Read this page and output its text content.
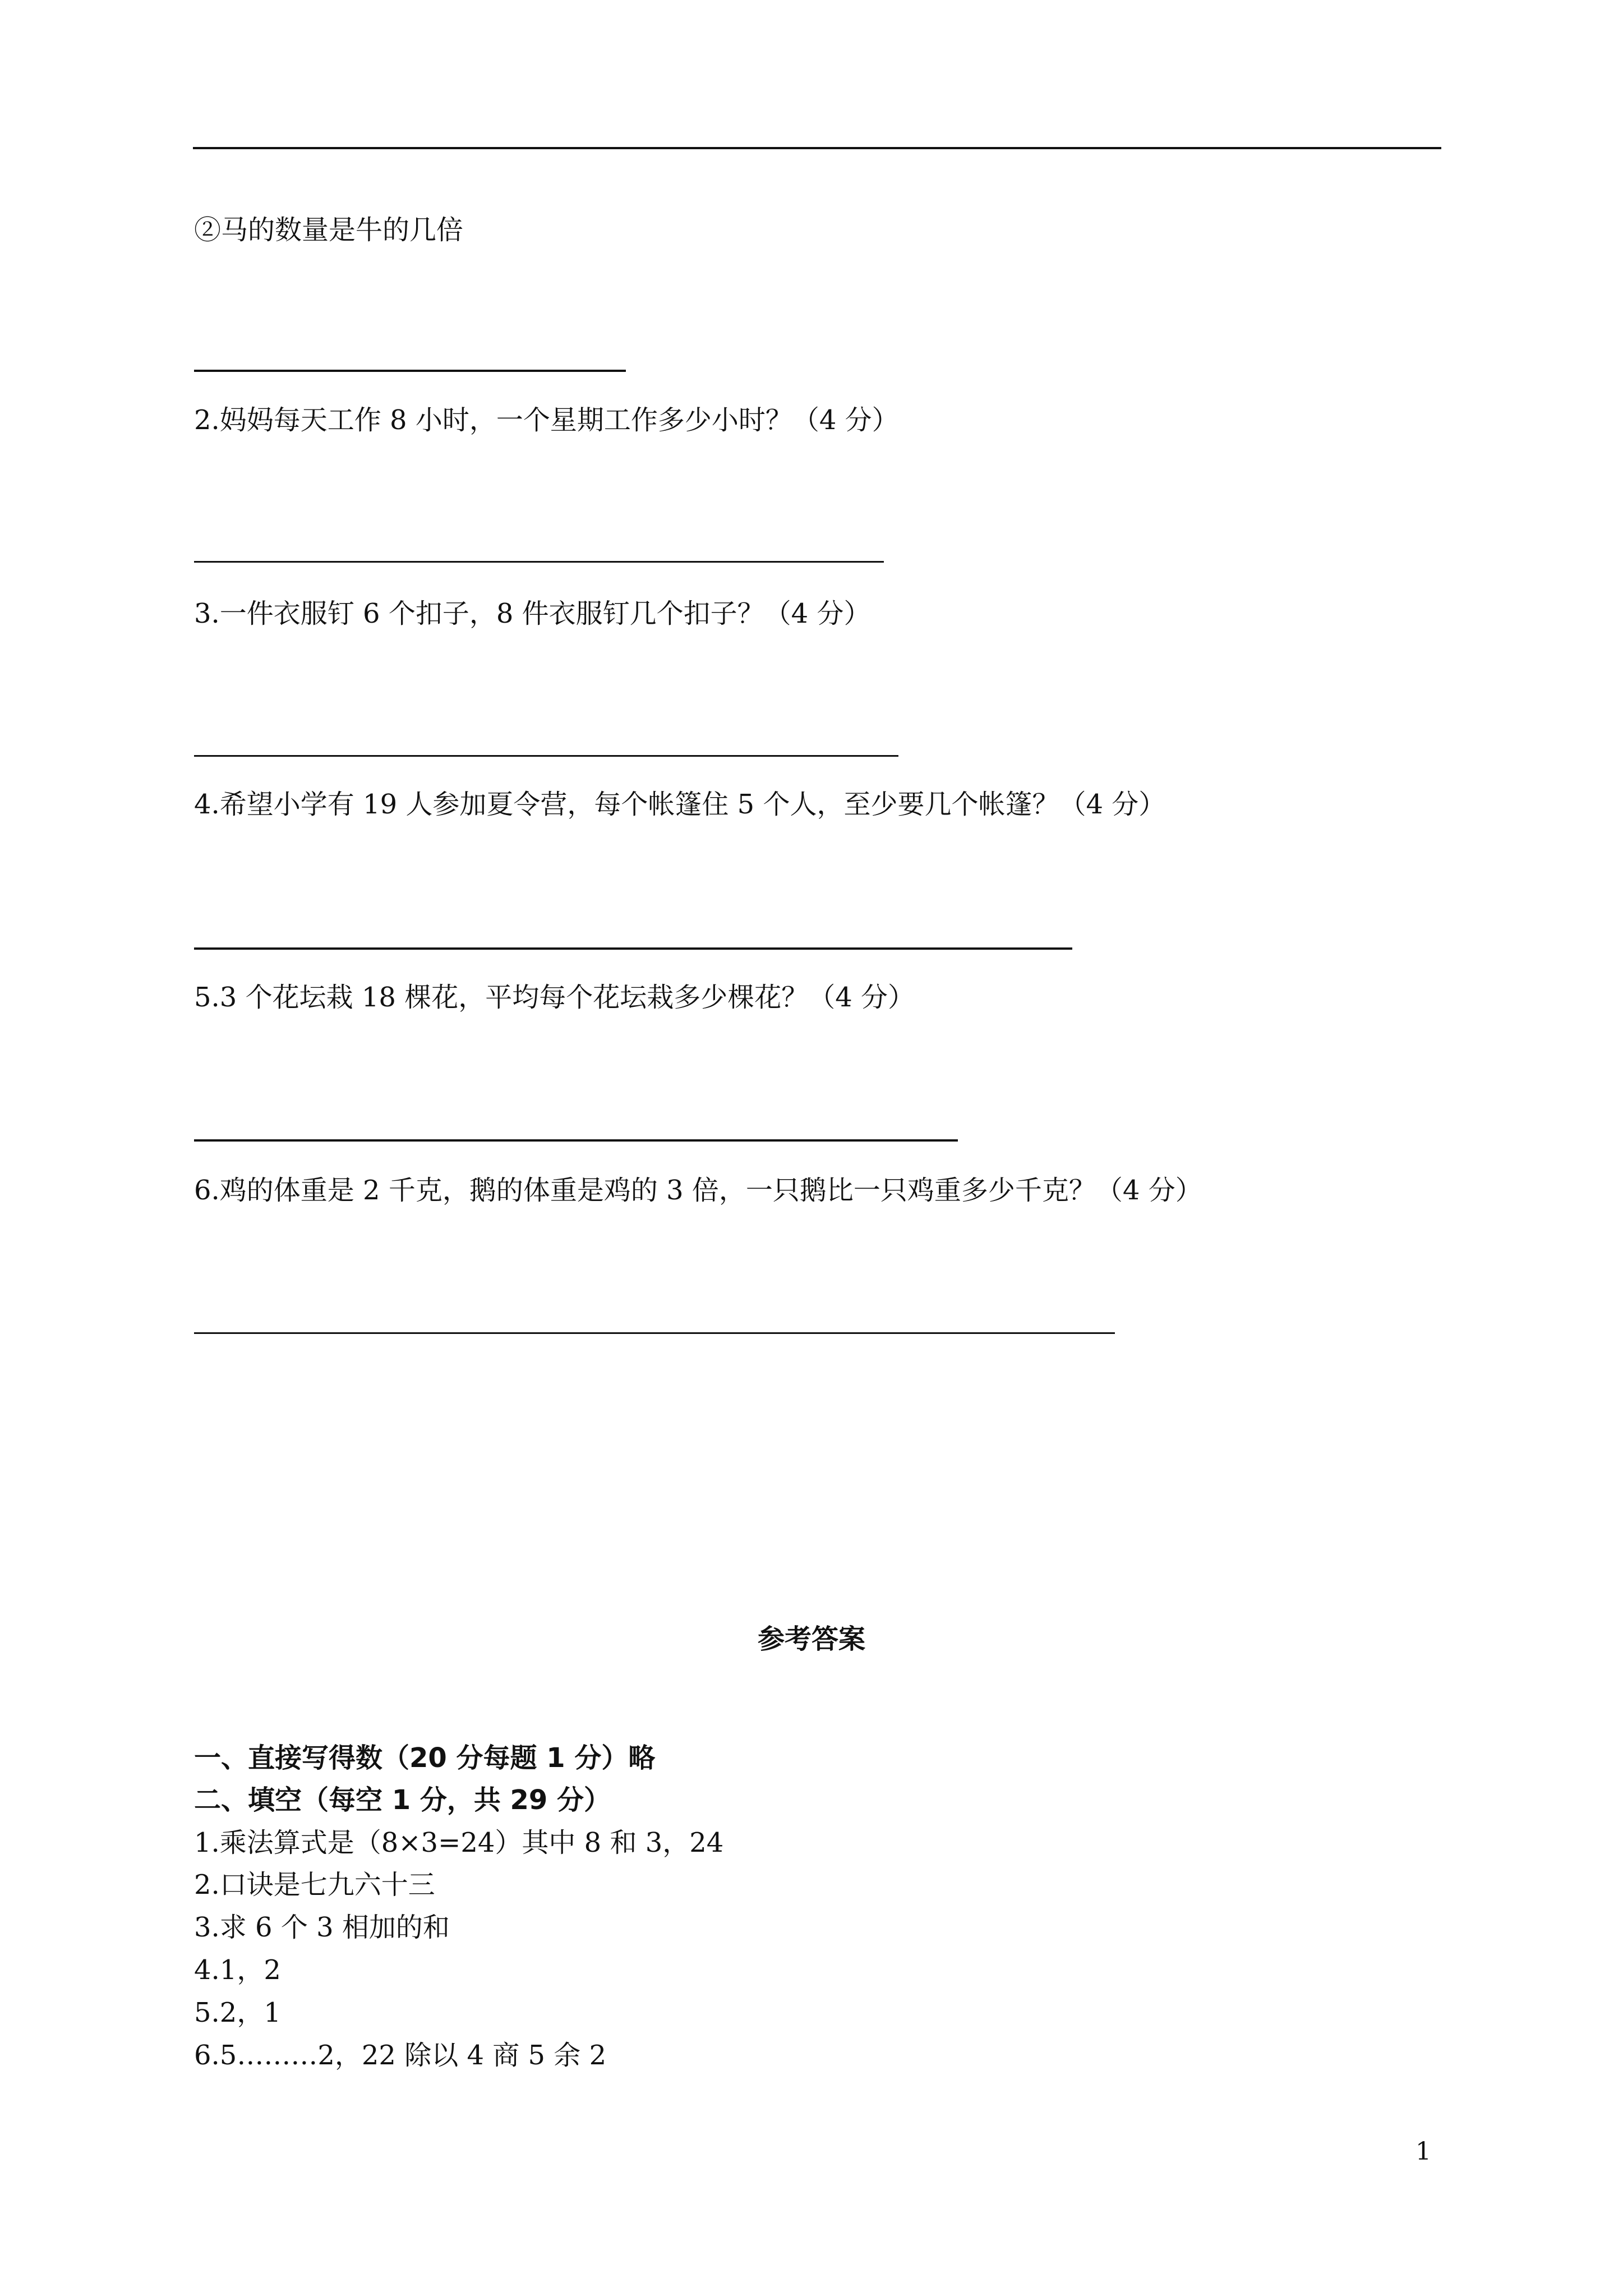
②马的数量是牛的几倍
2.妈妈每天工作 8 小时，一个星期工作多少小时？（4 分）
3.一件衣服钉 6 个扣子，8 件衣服钉几个扣子？（4 分）
4.希望小学有 19 人参加夏令营，每个帐篷住 5 个人，至少要几个帐篷？（4 分）
5.3 个花坛栽 18 棵花，平均每个花坛栽多少棵花？（4 分）
6.鸡的体重是 2 千克，鹅的体重是鸡的 3 倍，一只鹅比一只鸡重多少千克？（4 分）
参考答案
一、直接写得数（20 分每题 1 分）略
二、填空（每空 1 分，共 29 分）
1.乘法算式是（8×3=24）其中 8 和 3，24
2.口诀是七九六十三
3.求 6 个 3 相加的和
4.1，2
5.2，1
6.5………2，22 除以 4 商 5 余 2
1
